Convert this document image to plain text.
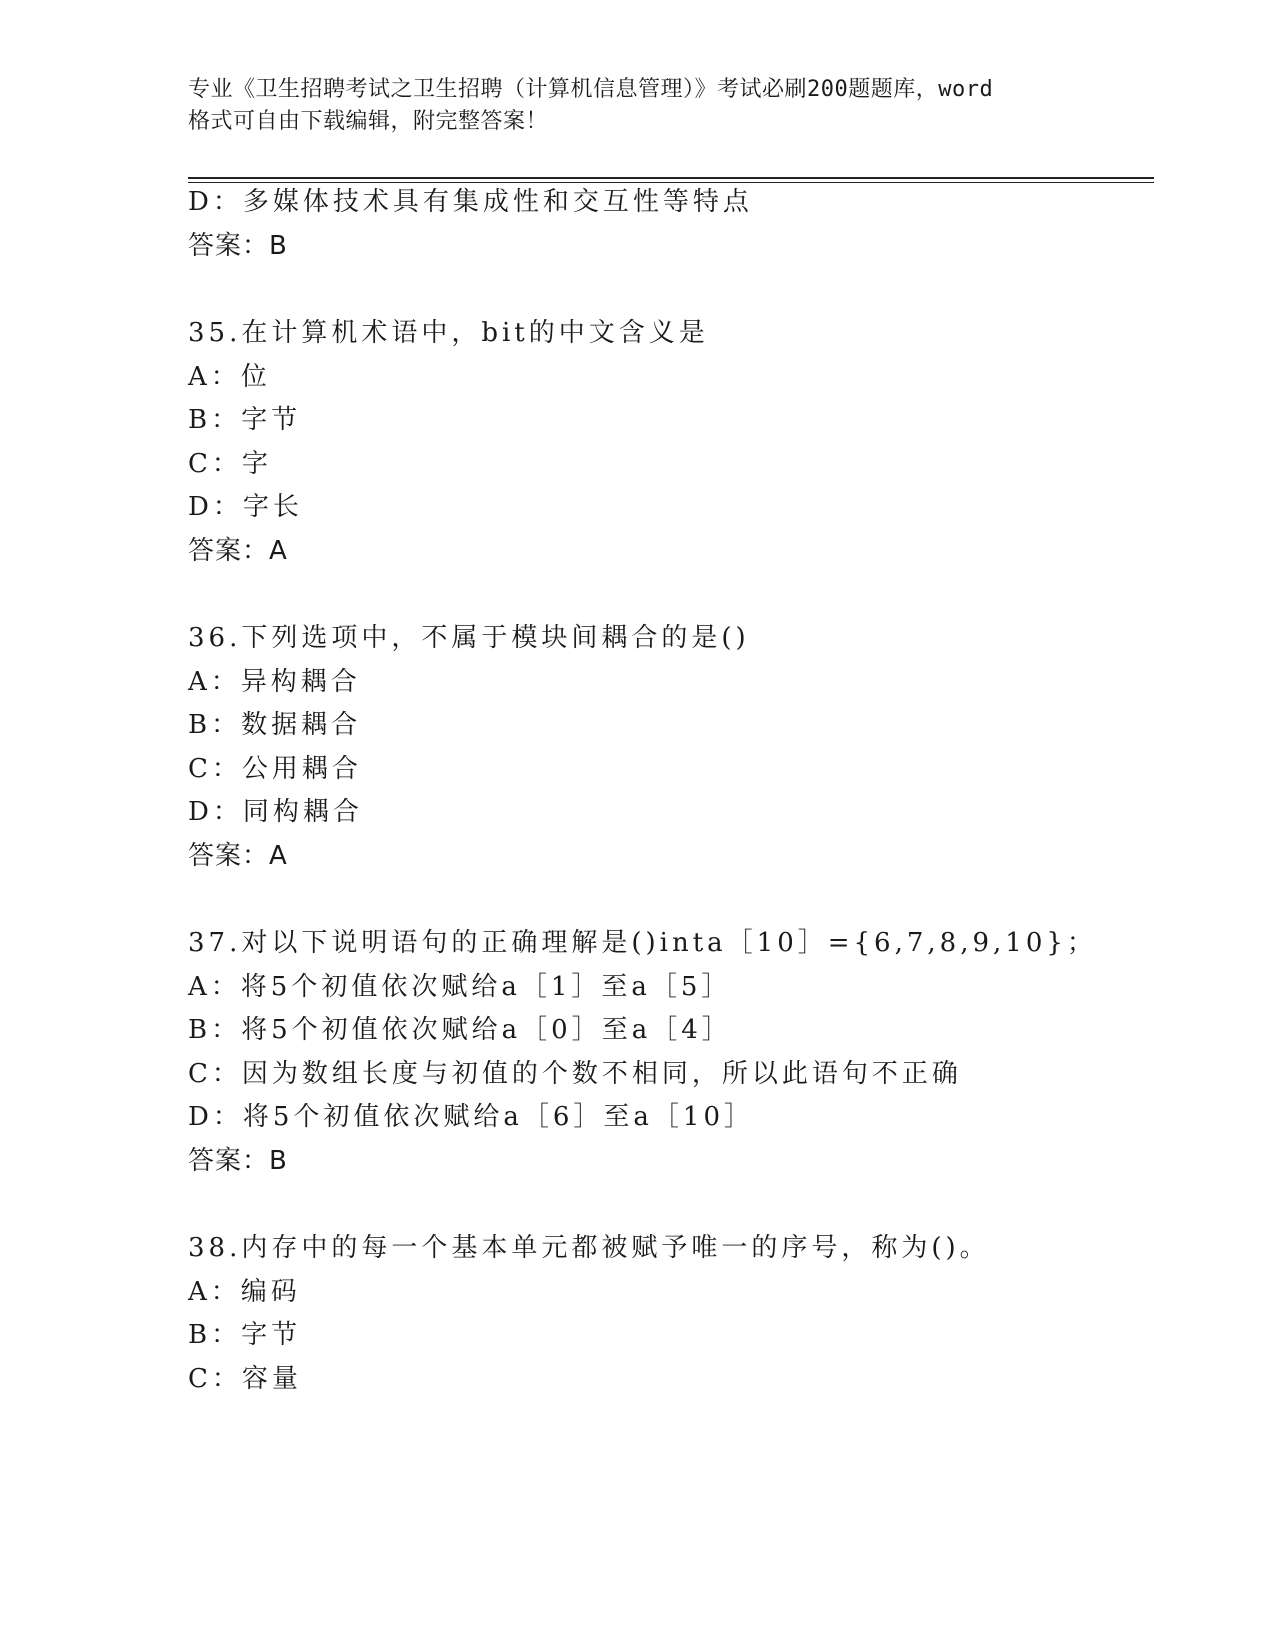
专业《卫生招聘考试之卫生招聘（计算机信息管理）》考试必刷200题题库，word
格式可自由下载编辑，附完整答案！
D：多媒体技术具有集成性和交互性等特点
答案：B
35.在计算机术语中，bit的中文含义是
A：位
B：字节
C：字
D：字长
答案：A
36.下列选项中，不属于模块间耦合的是()
A：异构耦合
B：数据耦合
C：公用耦合
D：同构耦合
答案：A
37.对以下说明语句的正确理解是()inta［10］={6,7,8,9,10}；
A：将5个初值依次赋给a［1］至a［5］
B：将5个初值依次赋给a［0］至a［4］
C：因为数组长度与初值的个数不相同，所以此语句不正确
D：将5个初值依次赋给a［6］至a［10］
答案：B
38.内存中的每一个基本单元都被赋予唯一的序号，称为()。
A：编码
B：字节
C：容量
